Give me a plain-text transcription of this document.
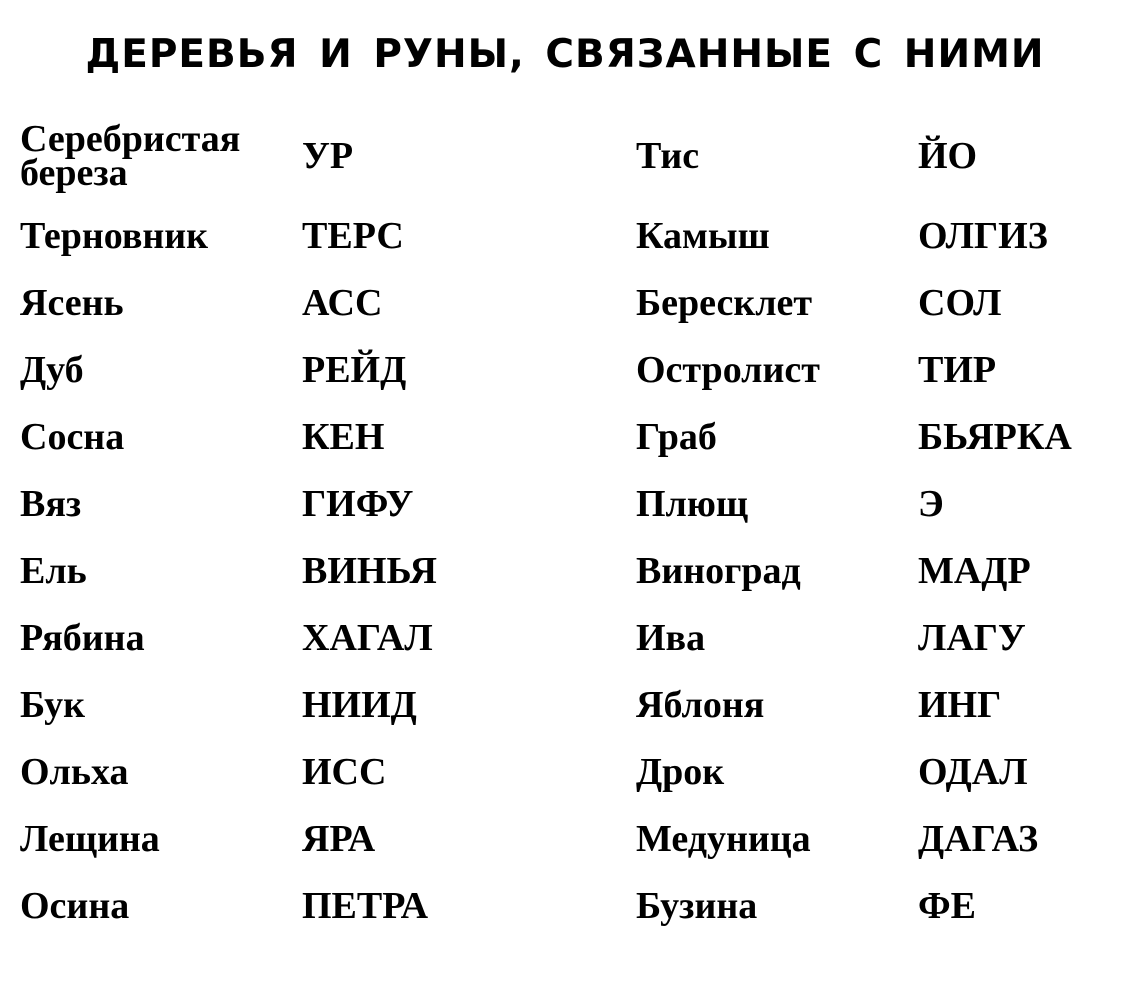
ДЕРЕВЬЯ И РУНЫ, СВЯЗАННЫЕ С НИМИ
Серебристая
береза	УР	Тис	ЙО
Терновник	ТЕРС	Камыш	ОЛГИЗ
Ясень	АСС	Бересклет	СОЛ
Дуб	РЕЙД	Остролист	ТИР
Сосна	КЕН	Граб	БЬЯРКА
Вяз	ГИФУ	Плющ	Э
Ель	ВИНЬЯ	Виноград	МАДР
Рябина	ХАГАЛ	Ива	ЛАГУ
Бук	НИИД	Яблоня	ИНГ
Ольха	ИСС	Дрок	ОДАЛ
Лещина	ЯРА	Медуница	ДАГАЗ
Осина	ПЕТРА	Бузина	ФЕ
